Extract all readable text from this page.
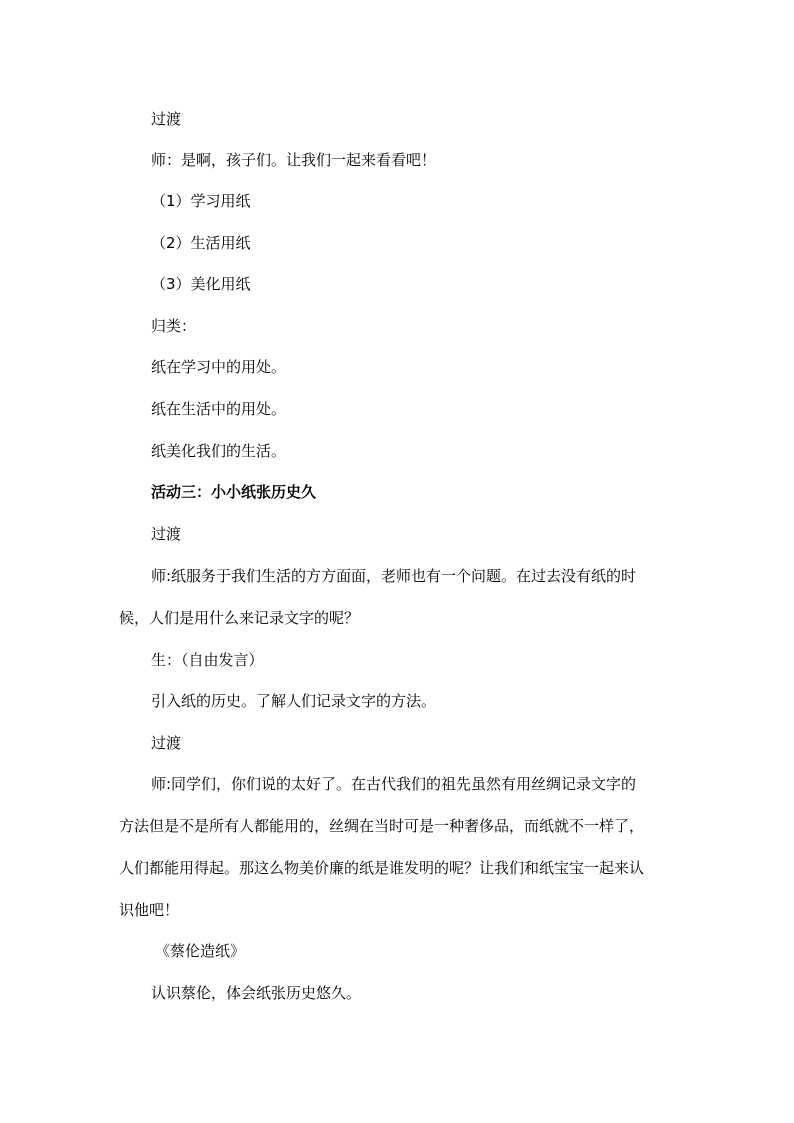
过渡
师：是啊，孩子们。让我们一起来看看吧！
（1）学习用纸
（2）生活用纸
（3）美化用纸
归类：
纸在学习中的用处。
纸在生活中的用处。
纸美化我们的生活。
活动三：小小纸张历史久
过渡
师:纸服务于我们生活的方方面面，老师也有一个问题。在过去没有纸的时
候，人们是用什么来记录文字的呢？
生：（自由发言）
引入纸的历史。了解人们记录文字的方法。
过渡
师:同学们，你们说的太好了。在古代我们的祖先虽然有用丝绸记录文字的
方法但是不是所有人都能用的，丝绸在当时可是一种奢侈品，而纸就不一样了，
人们都能用得起。那这么物美价廉的纸是谁发明的呢？让我们和纸宝宝一起来认
识他吧！
《蔡伦造纸》
认识蔡伦，体会纸张历史悠久。
